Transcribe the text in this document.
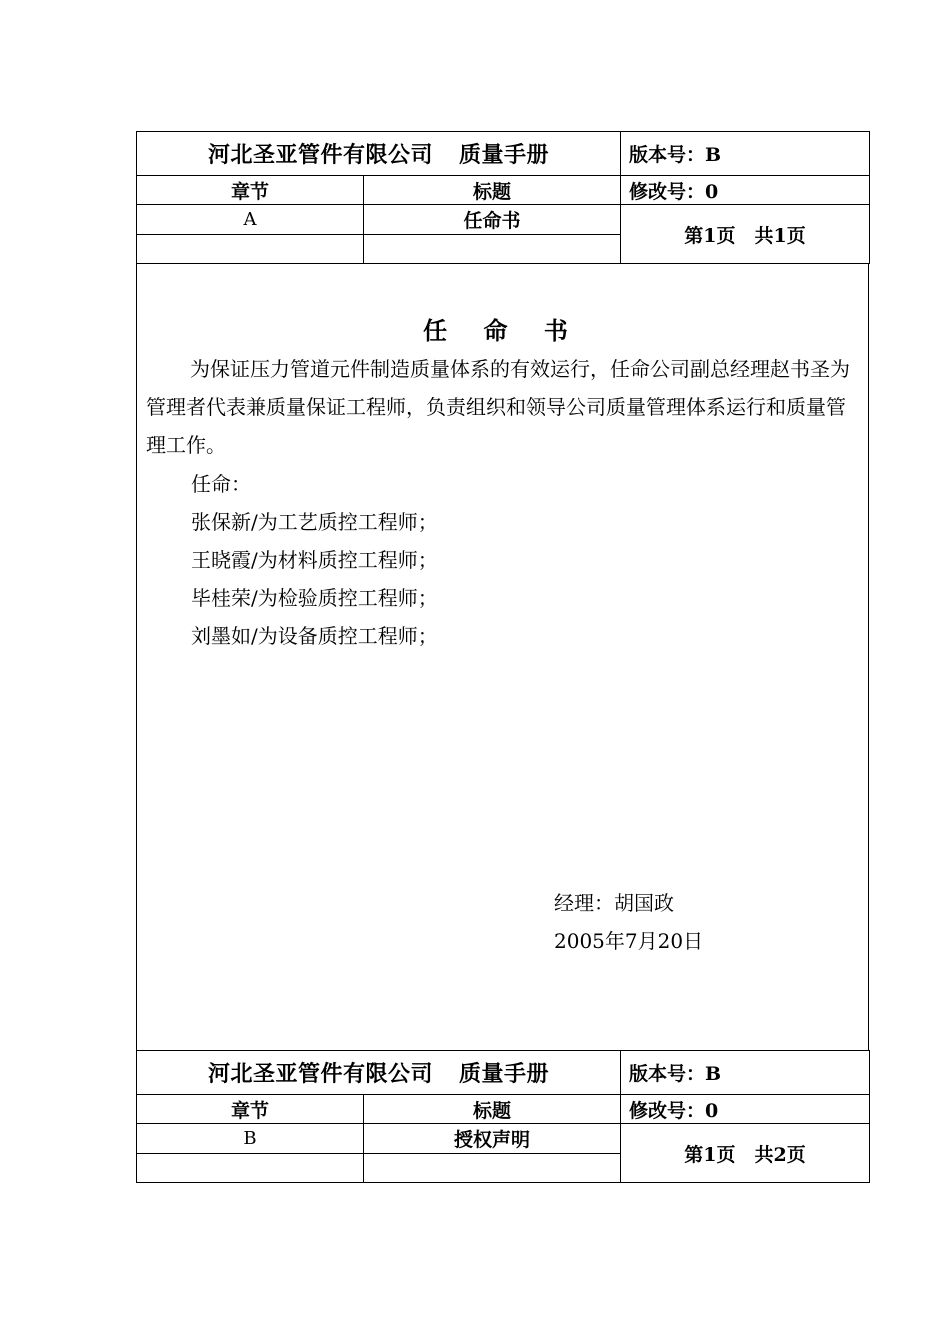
河北圣亚管件有限公司 质量手册		版本号：B
章节	标题	修改号：0
A	任命书	第1页　共1页

任 命 书
为保证压力管道元件制造质量体系的有效运行，任命公司副总经理赵书圣为管理者代表兼质量保证工程师，负责组织和领导公司质量管理体系运行和质量管理工作。
任命：
张保新/为工艺质控工程师；
王晓霞/为材料质控工程师；
毕桂荣/为检验质控工程师；
刘墨如/为设备质控工程师；
经理：胡国政
2005年7月20日
河北圣亚管件有限公司 质量手册		版本号：B
章节	标题	修改号：0
B	授权声明	第1页　共2页
